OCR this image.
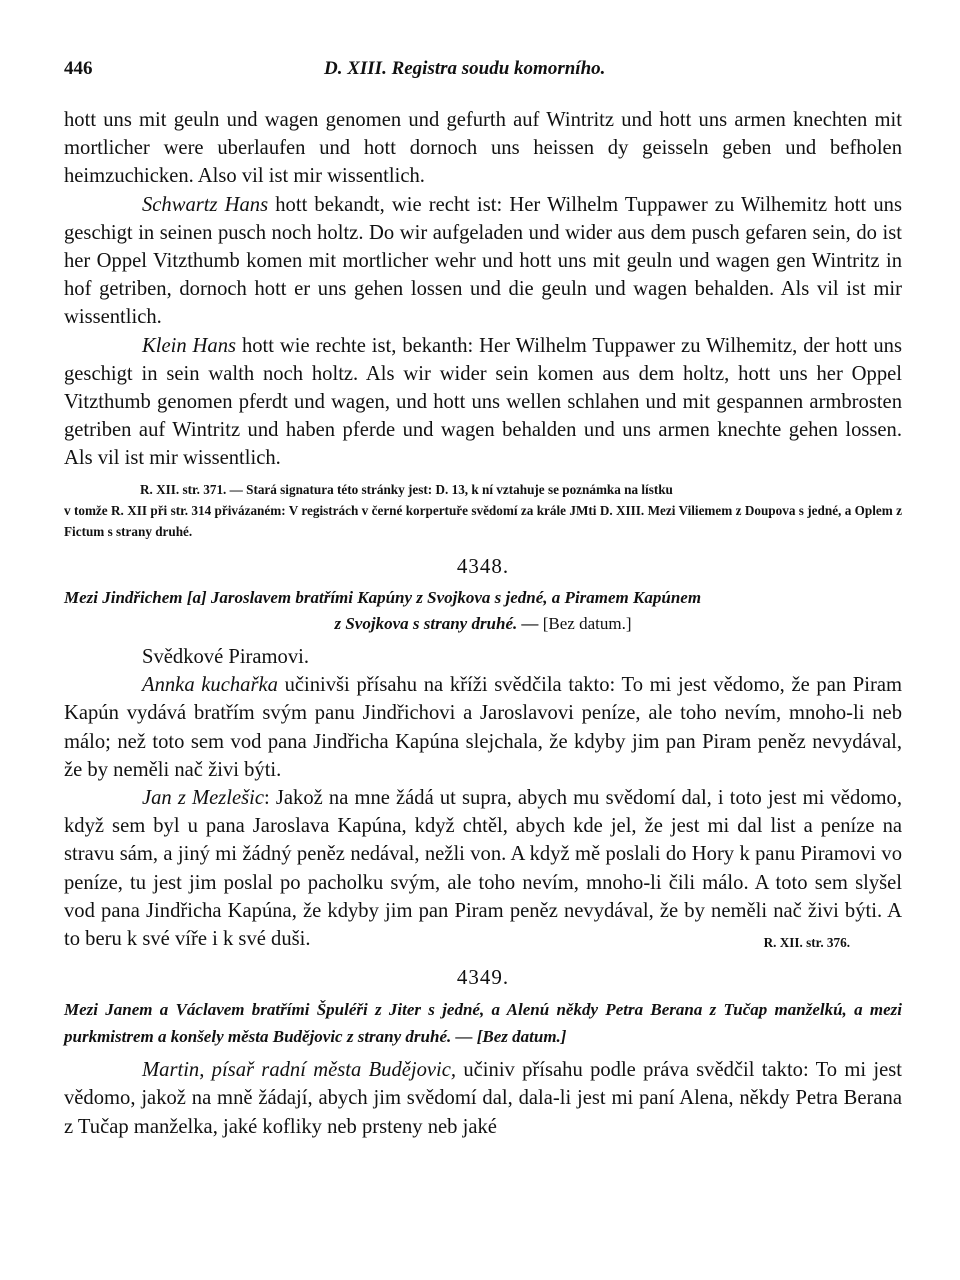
446	D. XIII. Registra soudu komorního.

hott uns mit geuln und wagen genomen und gefurth auf Wintritz und hott uns armen knechten mit mortlicher were uberlaufen und hott dornoch uns heissen dy geisseln geben und befholen heimzuchicken. Also vil ist mir wissentlich.

Schwartz Hans hott bekandt, wie recht ist: Her Wilhelm Tuppawer zu Wilhemitz hott uns geschigt in seinen pusch noch holtz. Do wir aufgeladen und wider aus dem pusch gefaren sein, do ist her Oppel Vitzthumb komen mit mortlicher wehr und hott uns mit geuln und wagen gen Wintritz in hof getriben, dornoch hott er uns gehen lossen und die geuln und wagen behalden. Als vil ist mir wissentlich.

Klein Hans hott wie rechte ist, bekanth: Her Wilhelm Tuppawer zu Wilhemitz, der hott uns geschigt in sein walth noch holtz. Als wir wider sein komen aus dem holtz, hott uns her Oppel Vitzthumb genomen pferdt und wagen, und hott uns wellen schlahen und mit gespannen armbrosten getriben auf Wintritz und haben pferde und wagen behalden und uns armen knechte gehen lossen. Als vil ist mir wissentlich.

R. XII. str. 371. — Stará signatura této stránky jest: D. 13, k ní vztahuje se poznámka na lístku
v tomže R. XII při str. 314 přivázaném: V registrách v černé korpertuře svědomí za krále JMti D. XIII. Mezi Viliemem z Doupova s jedné, a Oplem z Fictum s strany druhé.
4348.
Mezi Jindřichem [a] Jaroslavem bratřími Kapúny z Svojkova s jedné, a Piramem Kapúnem
z Svojkova s strany druhé. — [Bez datum.]
Svědkové Piramovi.

Annka kuchařka učinivši přísahu na kříži svědčila takto: To mi jest vědomo, že pan Piram Kapún vydává bratřím svým panu Jindřichovi a Jaroslavovi peníze, ale toho nevím, mnoho-li neb málo; než toto sem vod pana Jindřicha Kapúna slejchala, že kdyby jim pan Piram peněz nevydával, že by neměli nač živi býti.

Jan z Mezlešic: Jakož na mne žádá ut supra, abych mu svědomí dal, i toto jest mi vědomo, když sem byl u pana Jaroslava Kapúna, když chtěl, abych kde jel, že jest mi dal list a peníze na stravu sám, a jiný mi žádný peněz nedával, nežli von. A když mě poslali do Hory k panu Piramovi vo peníze, tu jest jim poslal po pacholku svým, ale toho nevím, mnoho-li čili málo. A toto sem slyšel vod pana Jindřicha Kapúna, že kdyby jim pan Piram peněz nevydával, že by neměli nač živi býti. A to beru k své víře i k své duši.	R. XII. str. 376.

4349.
Mezi Janem a Václavem bratřími Špuléři z Jiter s jedné, a Alenú někdy Petra Berana z Tučap manželkú, a mezi purkmistrem a konšely města Budějovic z strany druhé. — [Bez datum.]

Martin, písař radní města Budějovic, učiniv přísahu podle práva svědčil takto: To mi jest vědomo, jakož na mně žádají, abych jim svědomí dal, dala-li jest mi paní Alena, někdy Petra Berana z Tučap manželka, jaké kofliky neb prsteny neb jaké
